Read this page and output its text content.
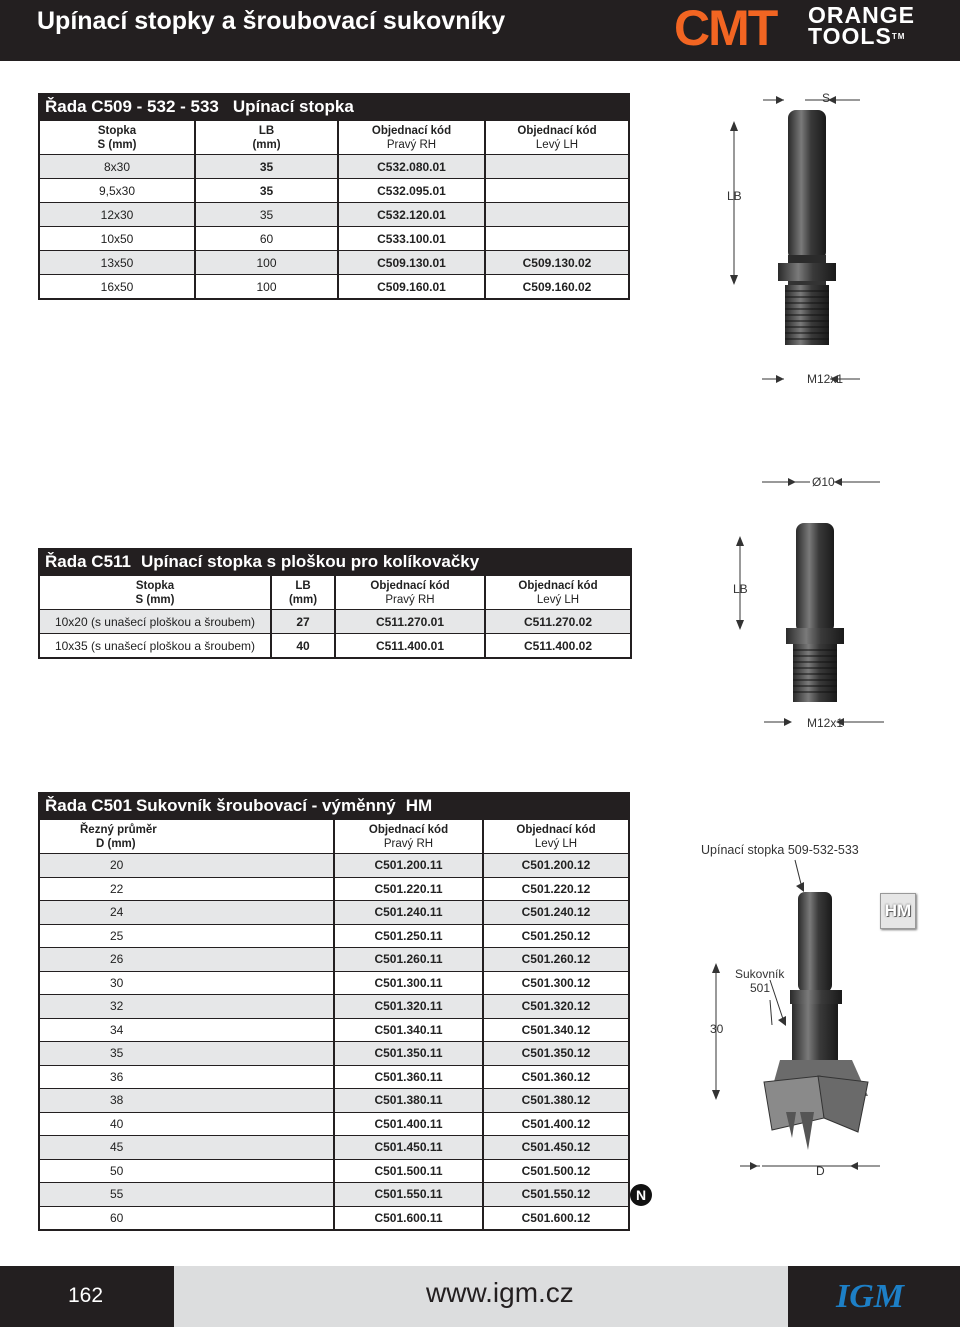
Upínací stopky a šroubovací sukovníky	CMT ORANGE
TOOLS™
Řada C509 - 532 - 533 Upínací stopka
Stopka
S (mm)
LB
(mm)
Objednací kód
Pravý RH
Objednací kód
Levý LH
8x30	35	C532.080.01
9,5x30	35	C532.095.01
12x30	35	C532.120.01
10x50	60	C533.100.01
13x50	100	C509.130.01	C509.130.02
16x50	100	C509.160.01	C509.160.02
S
LB
M12x1
Řada C511 Upínací stopka s ploškou pro kolíkovačky
Stopka
S (mm)
LB
(mm)
Objednací kód
Pravý RH
Objednací kód
Levý LH
10x20 (s unašecí ploškou a šroubem)	27	C511.270.01	C511.270.02
10x35 (s unašecí ploškou a šroubem)	40	C511.400.01	C511.400.02
Ø10
LB
M12x1
Řada C501 Sukovník šroubovací - výměnný HM
Řezný průměr
D (mm)
Objednací kód
Pravý RH
Objednací kód
Levý LH
20	C501.200.11	C501.200.12
22	C501.220.11	C501.220.12
24	C501.240.11	C501.240.12
25	C501.250.11	C501.250.12
26	C501.260.11	C501.260.12
30	C501.300.11	C501.300.12
32	C501.320.11	C501.320.12
34	C501.340.11	C501.340.12
35	C501.350.11	C501.350.12
36	C501.360.11	C501.360.12
38	C501.380.11	C501.380.12
40	C501.400.11	C501.400.12
45	C501.450.11	C501.450.12
50	C501.500.11	C501.500.12
55	C501.550.11	C501.550.12
60	C501.600.11	C501.600.12
Upínací stopka 509-532-533
Sukovník
501
30
D
HM
N
162	www.igm.cz	IGM
